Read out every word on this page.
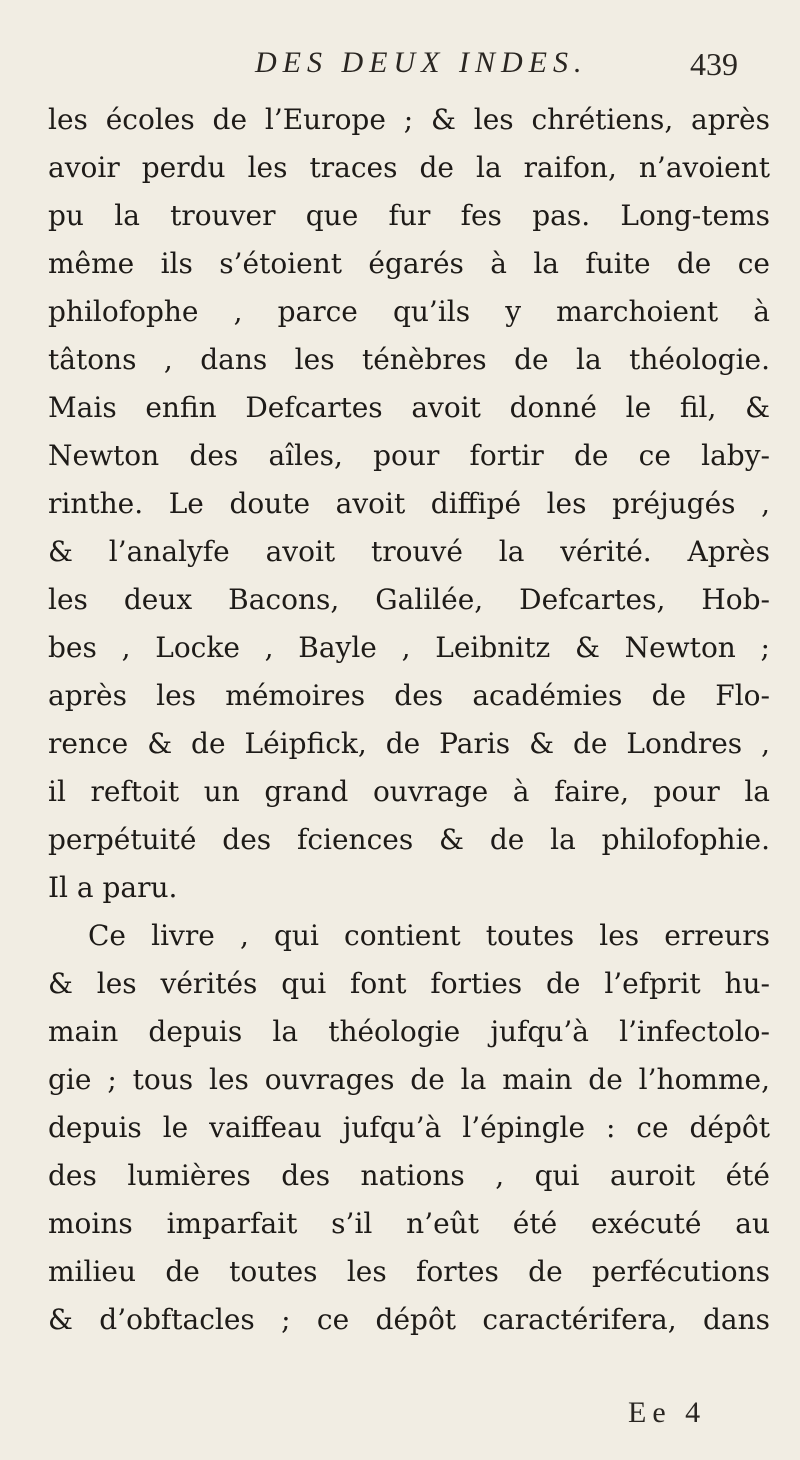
DES DEUX INDES.	439
les écoles de l’Europe ; & les chrétiens, après
avoir perdu les traces de la raifon, n’avoient
pu la trouver que fur fes pas. Long-tems
même ils s’étoient égarés à la fuite de ce
philofophe , parce qu’ils y marchoient à
tâtons , dans les ténèbres de la théologie.
Mais enfin Defcartes avoit donné le fil, &
Newton des aîles, pour fortir de ce laby-
rinthe. Le doute avoit diffipé les préjugés ,
& l’analyfe avoit trouvé la vérité. Après
les deux Bacons, Galilée, Defcartes, Hob-
bes , Locke , Bayle , Leibnitz & Newton ;
après les mémoires des académies de Flo-
rence & de Léipfick, de Paris & de Londres ,
il reftoit un grand ouvrage à faire, pour la
perpétuité des fciences & de la philofophie.
Il a paru.
Ce livre , qui contient toutes les erreurs
& les vérités qui font forties de l’efprit hu-
main depuis la théologie jufqu’à l’infectolo-
gie ; tous les ouvrages de la main de l’homme,
depuis le vaiffeau jufqu’à l’épingle : ce dépôt
des lumières des nations , qui auroit été
moins imparfait s’il n’eût été exécuté au
milieu de toutes les fortes de perfécutions
& d’obftacles ; ce dépôt caractérifera, dans
Ee 4
